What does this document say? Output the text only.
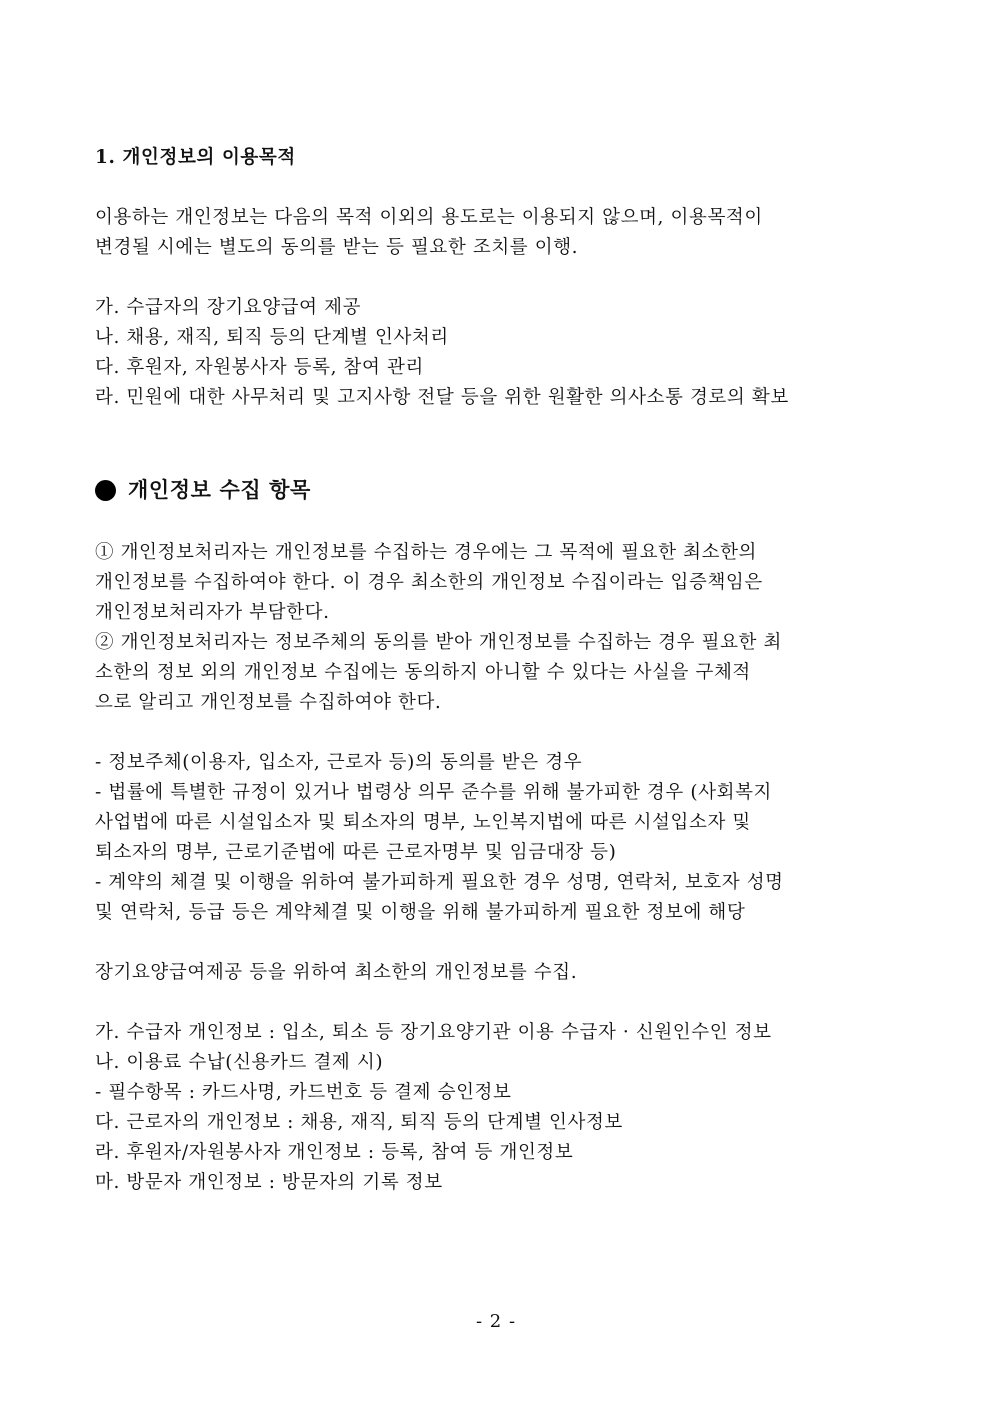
1. 개인정보의 이용목적
이용하는 개인정보는 다음의 목적 이외의 용도로는 이용되지 않으며, 이용목적이
변경될 시에는 별도의 동의를 받는 등 필요한 조치를 이행.
가. 수급자의 장기요양급여 제공
나. 채용, 재직, 퇴직 등의 단계별 인사처리
다. 후원자, 자원봉사자 등록, 참여 관리
라. 민원에 대한 사무처리 및 고지사항 전달 등을 위한 원활한 의사소통 경로의 확보
개인정보 수집 항목
① 개인정보처리자는 개인정보를 수집하는 경우에는 그 목적에 필요한 최소한의
개인정보를 수집하여야 한다. 이 경우 최소한의 개인정보 수집이라는 입증책임은
개인정보처리자가 부담한다.
② 개인정보처리자는 정보주체의 동의를 받아 개인정보를 수집하는 경우 필요한 최
소한의 정보 외의 개인정보 수집에는 동의하지 아니할 수 있다는 사실을 구체적
으로 알리고 개인정보를 수집하여야 한다.
- 정보주체(이용자, 입소자, 근로자 등)의 동의를 받은 경우
- 법률에 특별한 규정이 있거나 법령상 의무 준수를 위해 불가피한 경우 (사회복지
사업법에 따른 시설입소자 및 퇴소자의 명부, 노인복지법에 따른 시설입소자 및
퇴소자의 명부, 근로기준법에 따른 근로자명부 및 임금대장 등)
- 계약의 체결 및 이행을 위하여 불가피하게 필요한 경우 성명, 연락처, 보호자 성명
및 연락처, 등급 등은 계약체결 및 이행을 위해 불가피하게 필요한 정보에 해당
장기요양급여제공 등을 위하여 최소한의 개인정보를 수집.
가. 수급자 개인정보 : 입소, 퇴소 등 장기요양기관 이용 수급자 · 신원인수인 정보
나. 이용료 수납(신용카드 결제 시)
- 필수항목 : 카드사명, 카드번호 등 결제 승인정보
다. 근로자의 개인정보 : 채용, 재직, 퇴직 등의 단계별 인사정보
라. 후원자/자원봉사자 개인정보 : 등록, 참여 등 개인정보
마. 방문자 개인정보 : 방문자의 기록 정보
- 2 -
